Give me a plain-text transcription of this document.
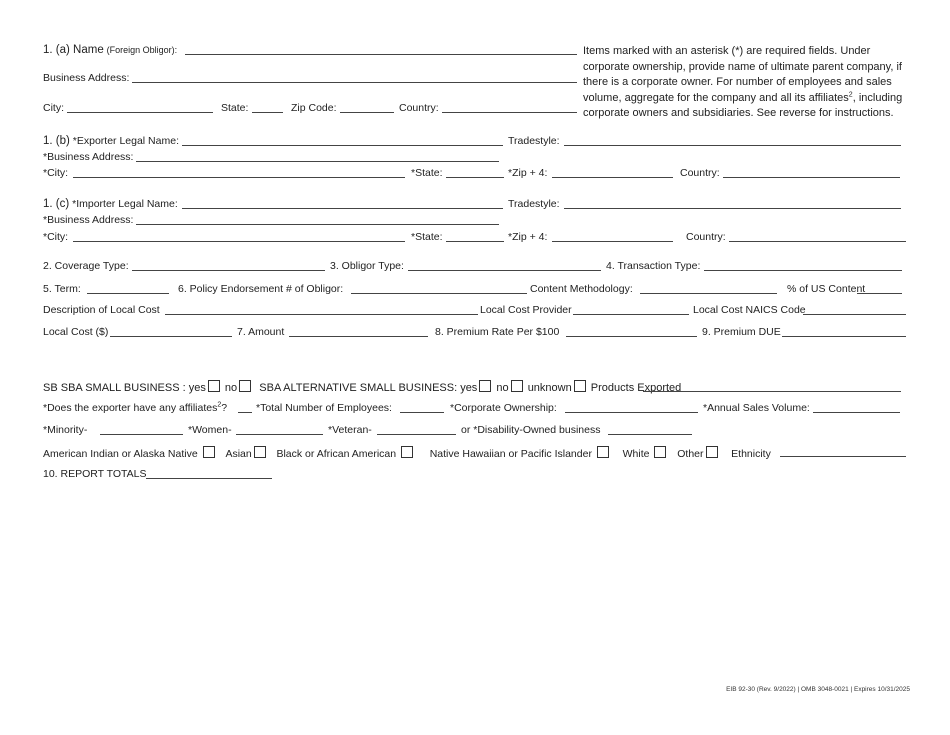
1. (a) Name (Foreign Obligor):
Business Address:
City:	State:	Zip Code:	Country:
Items marked with an asterisk (*) are required fields. Under corporate ownership, provide name of ultimate parent company, if there is a corporate owner. For number of employees and sales volume, aggregate for the company and all its affiliates$^2$, including corporate owners and subsidiaries. See reverse for instructions.
1. (b) *Exporter Legal Name:	Tradestyle:
*Business Address:
*City:	*State:	*Zip + 4:	Country:
1. (c) *Importer Legal Name:	Tradestyle:
*Business Address:
*City:	*State:	*Zip + 4:	Country:
2. Coverage Type:	3. Obligor Type:	4. Transaction Type:
5. Term:	6. Policy Endorsement # of Obligor:	Content Methodology:	% of US Content
Description of Local Cost	Local Cost Provider	Local Cost NAICS Code
Local Cost ($)	7. Amount	8. Premium Rate Per $100	9. Premium DUE
SB SBA SMALL BUSINESS : yes no SBA ALTERNATIVE SMALL BUSINESS: yes no unknown Products Exported
*Does the exporter have any affiliates$^2$?	*Total Number of Employees:	*Corporate Ownership:	*Annual Sales Volume:
*Minority-	*Women-	*Veteran-	or *Disability-Owned business
American Indian or Alaska Native	Asian Black or African American	Native Hawaiian or Pacific Islander	White	Other	Ethnicity
10. REPORT TOTALS
EIB 92-30 (Rev. 9/2022) | OMB 3048-0021 | Expires 10/31/2025
